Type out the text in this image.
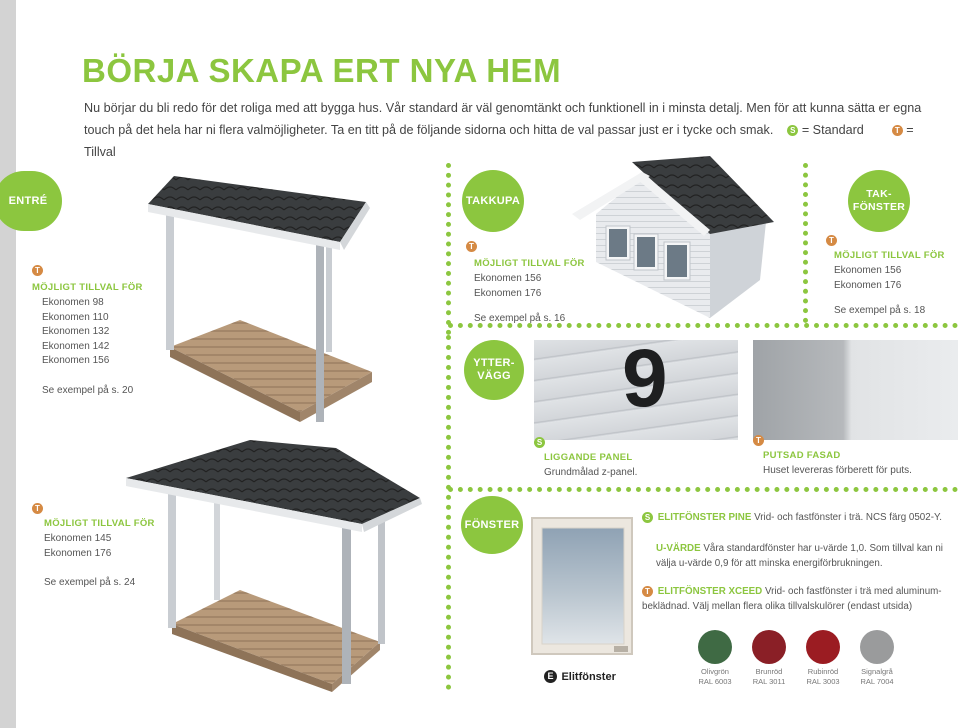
BÖRJA SKAPA ERT NYA HEM
Nu börjar du bli redo för det roliga med att bygga hus. Vår standard är väl genomtänkt och funktionell in i minsta detalj. Men för att kunna sätta er egna touch på det hela har ni flera valmöjligheter. Ta en titt på de följande sidorna och hitta de val passar just er i tycke och smak. S = Standard	T = Tillval
ENTRÉ
T
MÖJLIGT TILLVAL FÖR
Ekonomen 98
Ekonomen 110
Ekonomen 132
Ekonomen 142
Ekonomen 156
Se exempel på s. 20
T
MÖJLIGT TILLVAL FÖR
Ekonomen 145
Ekonomen 176
Se exempel på s. 24
TAKKUPA
T
MÖJLIGT TILLVAL FÖR
Ekonomen 156
Ekonomen 176
Se exempel på s. 16
TAK-
FÖNSTER
T
MÖJLIGT TILLVAL FÖR
Ekonomen 156
Ekonomen 176
Se exempel på s. 18
YTTER-
VÄGG 9
S
LIGGANDE PANEL
Grundmålad z-panel.
T
PUTSAD FASAD
Huset levereras förberett för puts.
FÖNSTER
E Elitfönster
S ELITFÖNSTER PINE Vrid- och fastfönster i trä. NCS färg 0502-Y.
U-VÄRDE Våra standardfönster har u-värde 1,0. Som tillval kan ni välja u-värde 0,9 för att minska energiförbrukningen.
T ELITFÖNSTER XCEED Vrid- och fastfönster i trä med aluminum-beklädnad. Välj mellan flera olika tillvalskulörer (endast utsida)
Olivgrön
RAL 6003
Brunröd
RAL 3011
Rubinröd
RAL 3003
Signalgrå
RAL 7004
